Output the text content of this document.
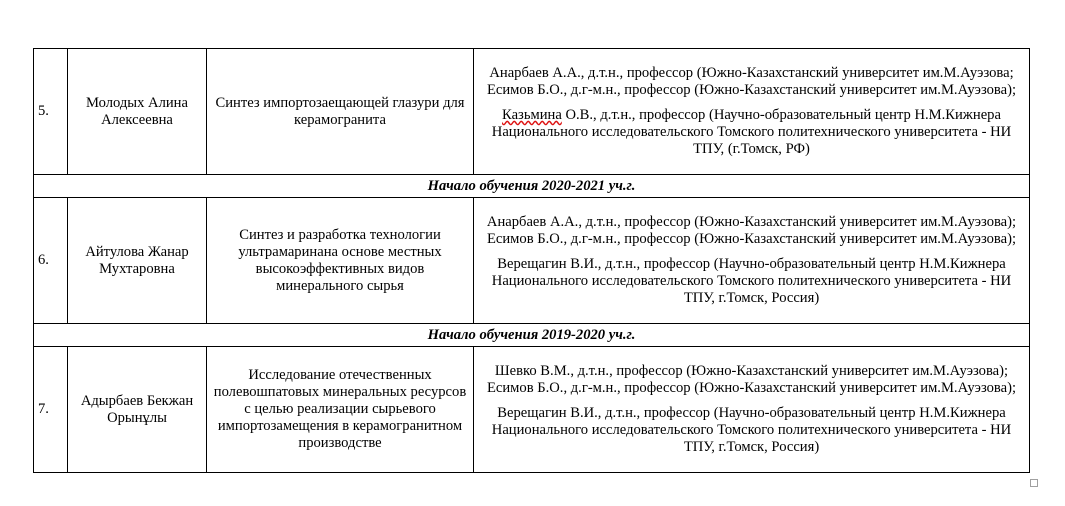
5.	Молодых Алина Алексеевна	Синтез импортозаещающей глазури для керамогранита	Анарбаев А.А., д.т.н., профессор (Южно-Казахстанский университет им.М.Ауэзова; Есимов Б.О., д.г-м.н., профессор (Южно-Казахстанский университет им.М.Ауэзова);

Казьмина О.В., д.т.н., профессор (Научно-образовательный центр Н.М.Кижнера Национального исследовательского Томского политехнического университета - НИ ТПУ, (г.Томск, РФ)

Начало обучения 2020-2021 уч.г.			
6.	Айтулова Жанар Мухтаровна	Синтез и разработка технологии ультрамаринана основе местных высокоэффективных видов минерального сырья	Анарбаев А.А., д.т.н., профессор (Южно-Казахстанский университет им.М.Ауэзова); Есимов Б.О., д.г-м.н., профессор (Южно-Казахстанский университет им.М.Ауэзова);

Верещагин В.И., д.т.н., профессор (Научно-образовательный центр Н.М.Кижнера Национального исследовательского Томского политехнического университета - НИ ТПУ, г.Томск, Россия)

Начало обучения 2019-2020 уч.г.			
7.	Адырбаев Бекжан Орынұлы	Исследование отечественных полевошпатовых минеральных ресурсов с целью реализации сырьевого импортозамещения в керамогранитном производстве	Шевко В.М., д.т.н., профессор (Южно-Казахстанский университет им.М.Ауэзова); Есимов Б.О., д.г-м.н., профессор (Южно-Казахстанский университет им.М.Ауэзова);

Верещагин В.И., д.т.н., профессор (Научно-образовательный центр Н.М.Кижнера Национального исследовательского Томского политехнического университета - НИ ТПУ, г.Томск, Россия)
